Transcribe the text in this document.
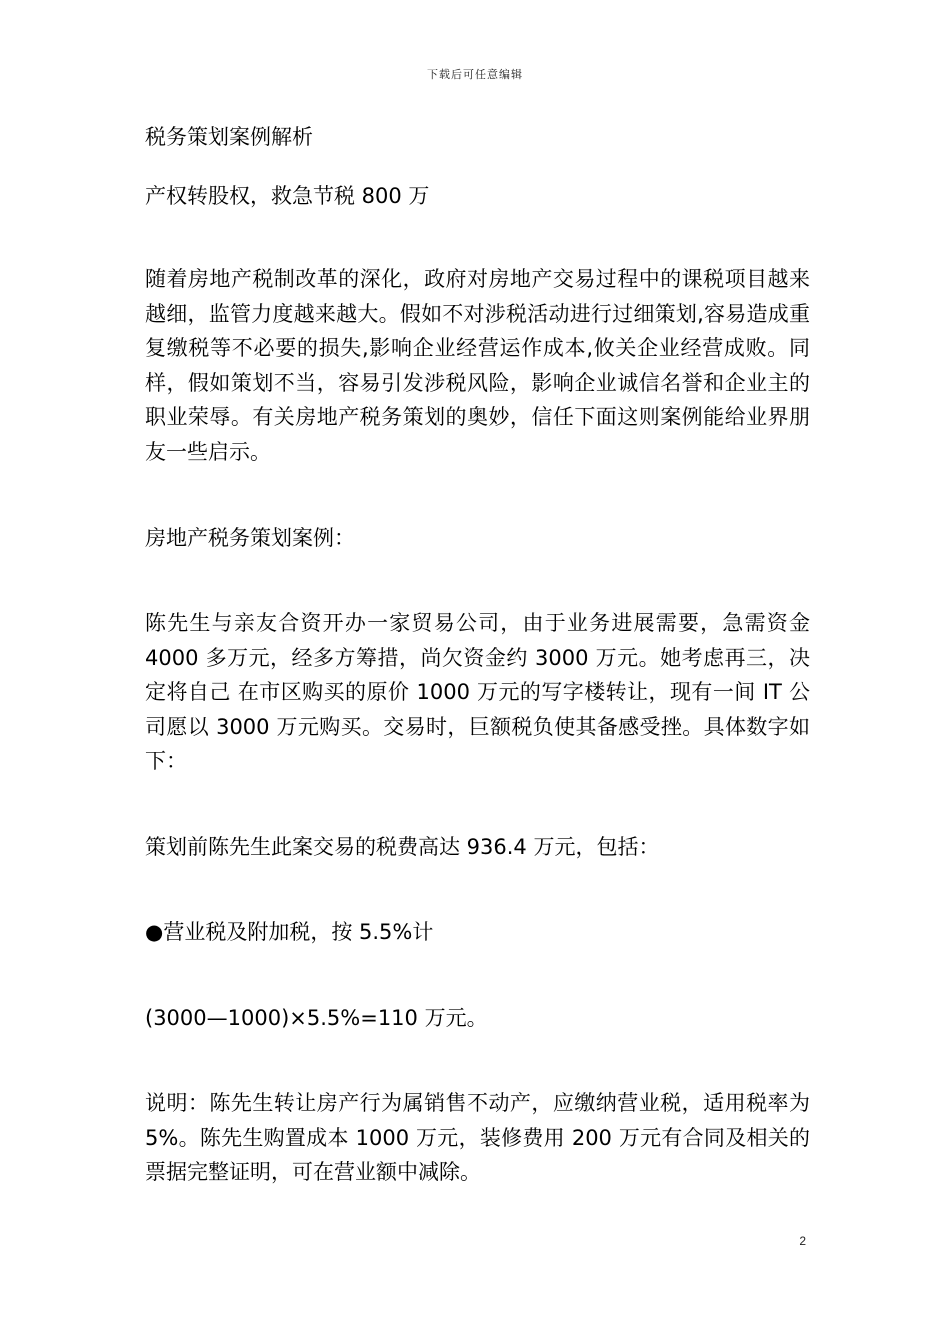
下载后可任意编辑

税务策划案例解析

产权转股权，救急节税 800 万

随着房地产税制改革的深化，政府对房地产交易过程中的课税项目越来越细，监管力度越来越大。假如不对涉税活动进行过细策划,容易造成重复缴税等不必要的损失,影响企业经营运作成本,攸关企业经营成败。同样，假如策划不当，容易引发涉税风险，影响企业诚信名誉和企业主的职业荣辱。有关房地产税务策划的奥妙，信任下面这则案例能给业界朋友一些启示。

房地产税务策划案例：

陈先生与亲友合资开办一家贸易公司，由于业务进展需要，急需资金 4000 多万元，经多方筹措，尚欠资金约 3000 万元。她考虑再三，决定将自己 在市区购买的原价 1000 万元的写字楼转让，现有一间 IT 公司愿以 3000 万元购买。交易时，巨额税负使其备感受挫。具体数字如下：

策划前陈先生此案交易的税费高达 936.4 万元，包括：

●营业税及附加税，按 5.5%计

(3000—1000)×5.5%=110 万元。

说明：陈先生转让房产行为属销售不动产，应缴纳营业税，适用税率为 5%。陈先生购置成本 1000 万元，装修费用 200 万元有合同及相关的票据完整证明，可在营业额中减除。

2
